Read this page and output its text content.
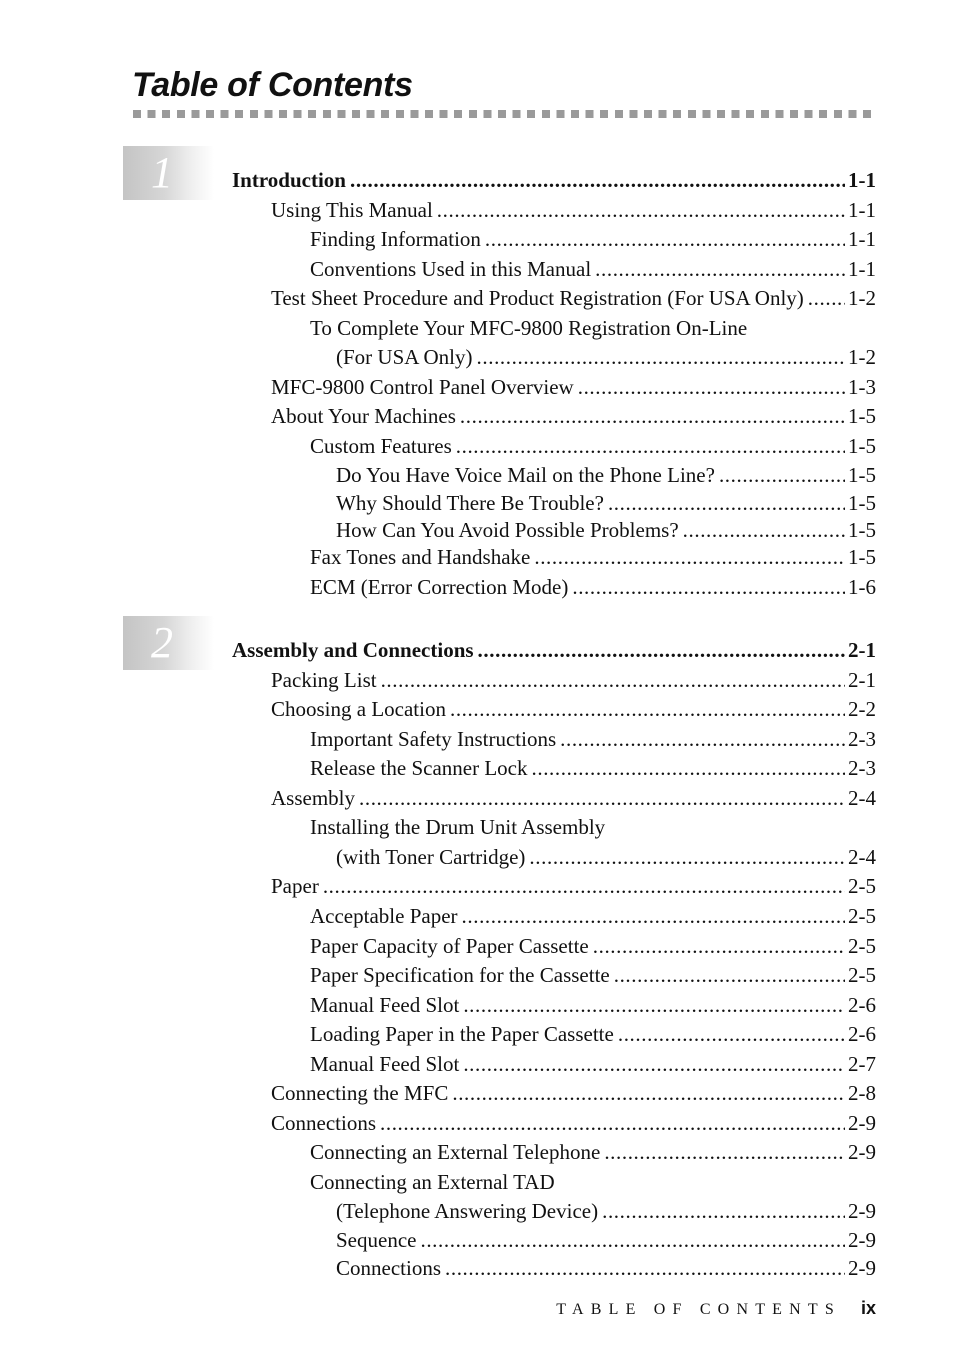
Table of Contents
1
2
Introduction .....	1-1
Using This Manual .....	1-1
Finding Information .....	1-1
Conventions Used in this Manual .....	1-1
Test Sheet Procedure and Product Registration (For USA Only) ..... 1-2
To Complete Your MFC-9800 Registration On-Line
(For USA Only) .....	1-2
MFC-9800 Control Panel Overview .....	1-3
About Your Machines .....	1-5
Custom Features .....	1-5
Do You Have Voice Mail on the Phone Line? .....	1-5
Why Should There Be Trouble? .....	1-5
How Can You Avoid Possible Problems? .....	1-5
Fax Tones and Handshake .....	1-5
ECM (Error Correction Mode) .....	1-6
Assembly and Connections .....	2-1
Packing List .....	2-1
Choosing a Location .....	2-2
Important Safety Instructions .....	2-3
Release the Scanner Lock .....	2-3
Assembly .....	2-4
Installing the Drum Unit Assembly
(with Toner Cartridge) .....	2-4
Paper .....	2-5
Acceptable Paper .....	2-5
Paper Capacity of Paper Cassette .....	2-5
Paper Specification for the Cassette .....	2-5
Manual Feed Slot .....	2-6
Loading Paper in the Paper Cassette .....	2-6
Manual Feed Slot .....	2-7
Connecting the MFC .....	2-8
Connections .....	2-9
Connecting an External Telephone .....	2-9
Connecting an External TAD
(Telephone Answering Device) .....	2-9
Sequence .....	2-9
Connections .....	2-9
TABLE OF CONTENTS ix
